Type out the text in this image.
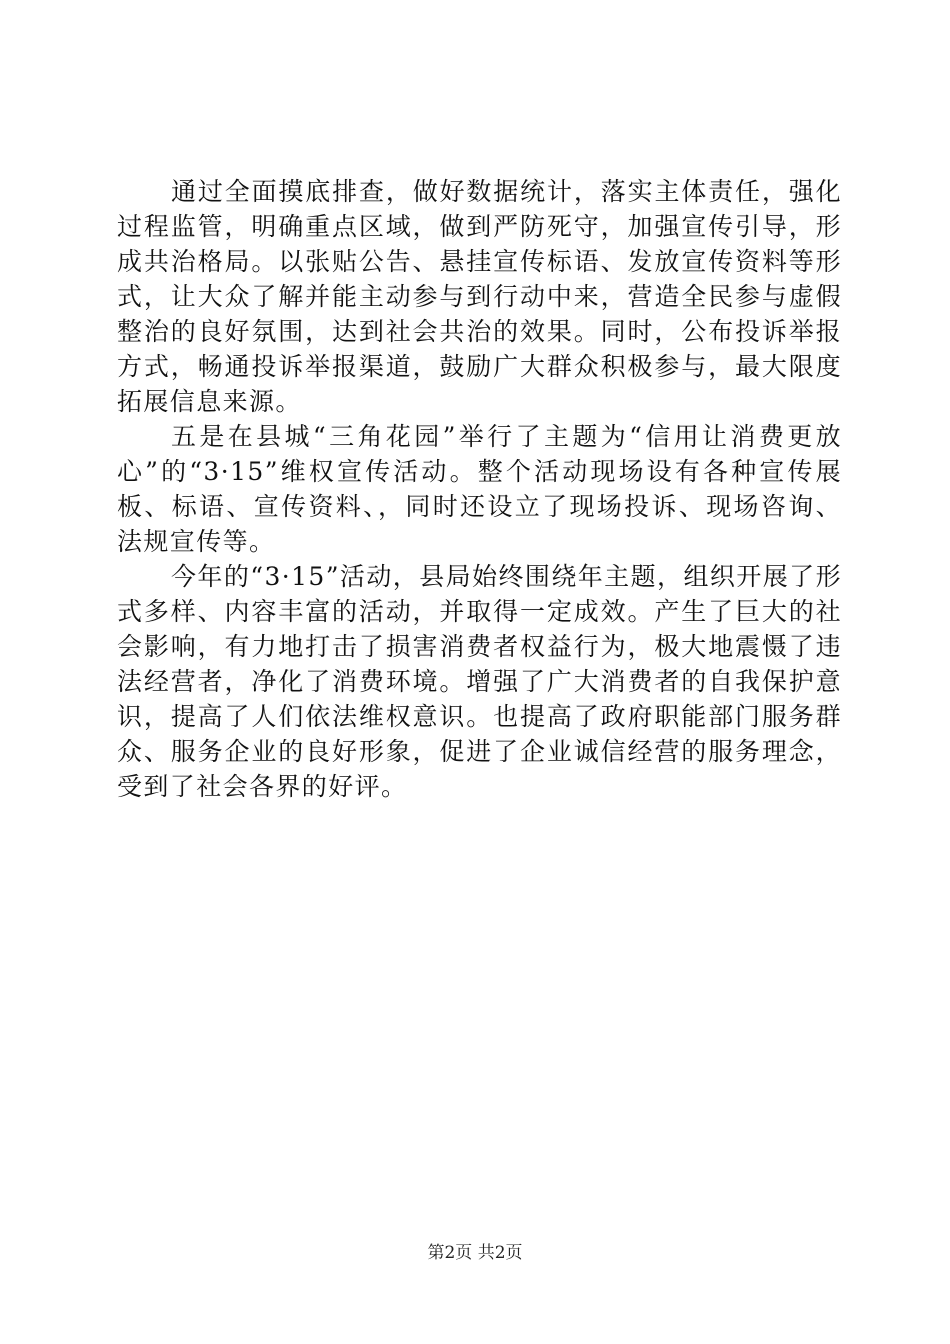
通过全面摸底排查，做好数据统计，落实主体责任，强化过程监管，明确重点区域，做到严防死守，加强宣传引导，形成共治格局。以张贴公告、悬挂宣传标语、发放宣传资料等形式，让大众了解并能主动参与到行动中来，营造全民参与虚假整治的良好氛围，达到社会共治的效果。同时，公布投诉举报方式，畅通投诉举报渠道，鼓励广大群众积极参与，最大限度拓展信息来源。

五是在县城“三角花园”举行了主题为“信用让消费更放心”的“3·15”维权宣传活动。整个活动现场设有各种宣传展板、标语、宣传资料、，同时还设立了现场投诉、现场咨询、法规宣传等。

今年的“3·15”活动，县局始终围绕年主题，组织开展了形式多样、内容丰富的活动，并取得一定成效。产生了巨大的社会影响，有力地打击了损害消费者权益行为，极大地震慑了违法经营者，净化了消费环境。增强了广大消费者的自我保护意识，提高了人们依法维权意识。也提高了政府职能部门服务群众、服务企业的良好形象，促进了企业诚信经营的服务理念，受到了社会各界的好评。

第2页 共2页
